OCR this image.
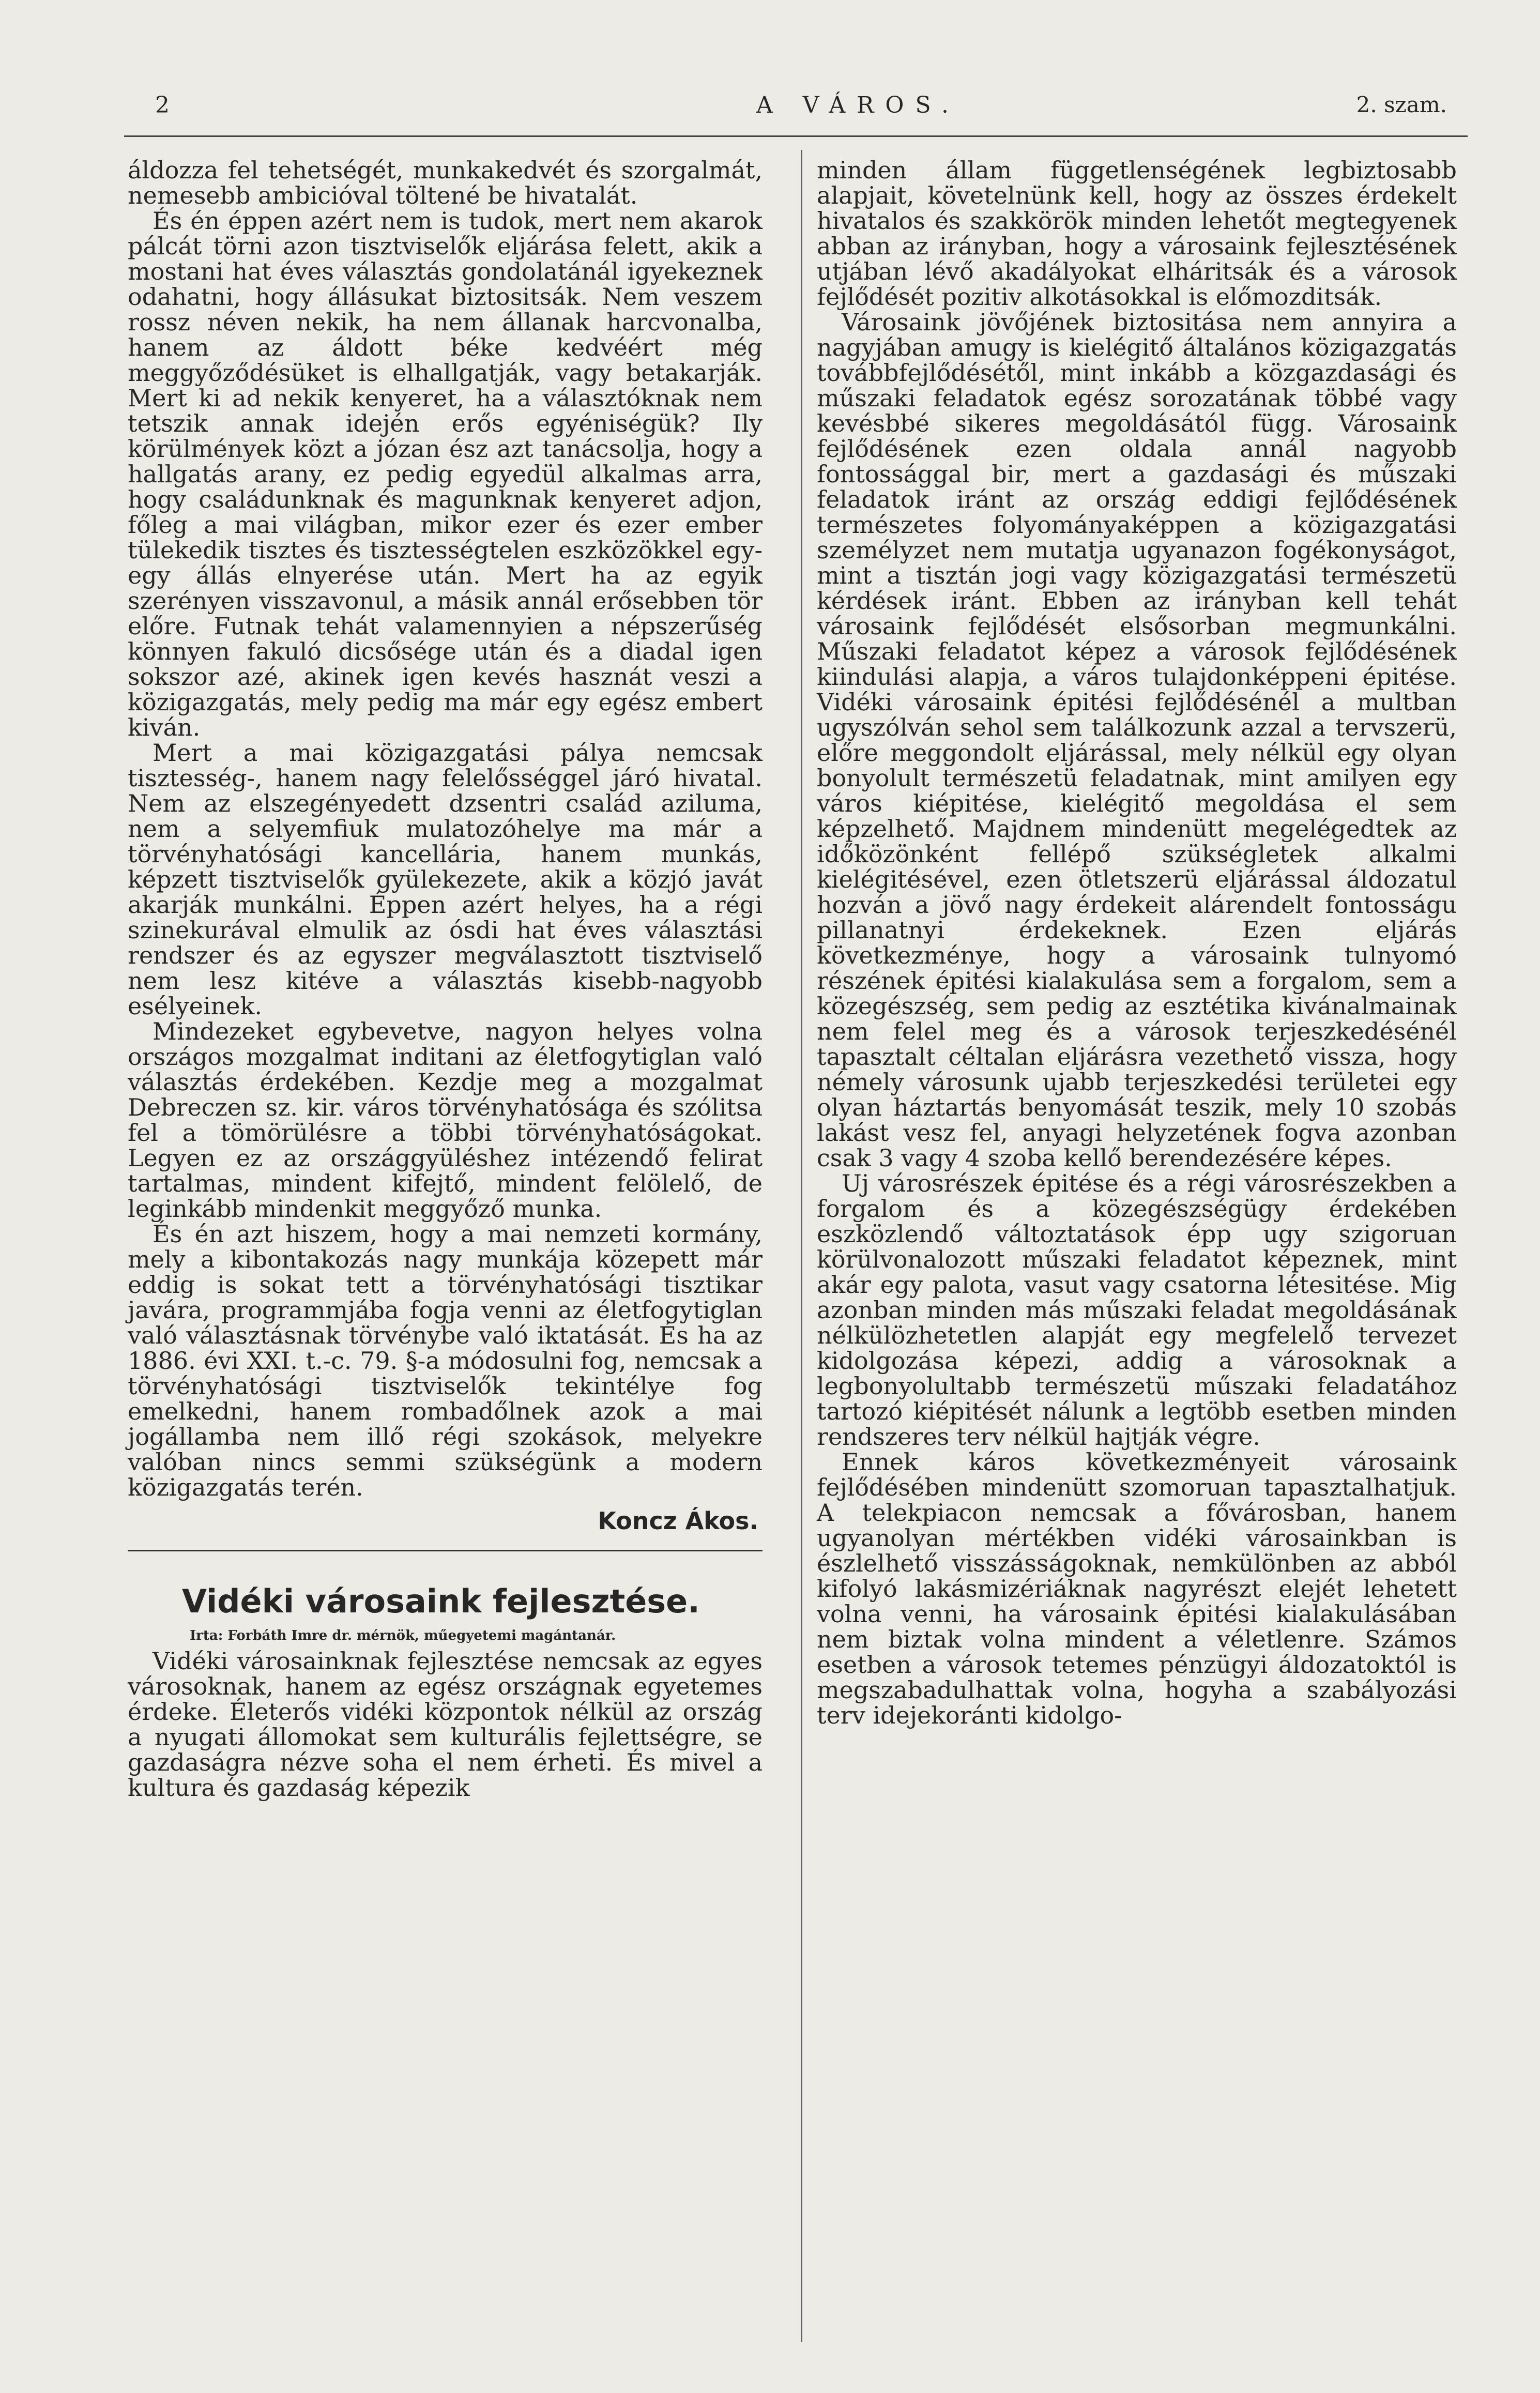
2	A VÁROS.	2. szam.

áldozza fel tehetségét, munkakedvét és szorgalmát, nemesebb ambicióval töltené be hivatalát.

És én éppen azért nem is tudok, mert nem akarok pálcát törni azon tisztviselők eljárása felett, akik a mostani hat éves választás gondolatánál igyekeznek odahatni, hogy állásukat biztositsák. Nem veszem rossz néven nekik, ha nem állanak harcvonalba, hanem az áldott béke kedvéért még meggyőződésüket is elhallgatják, vagy betakarják. Mert ki ad nekik kenyeret, ha a választóknak nem tetszik annak idején erős egyéniségük? Ily körülmények közt a józan ész azt tanácsolja, hogy a hallgatás arany, ez pedig egyedül alkalmas arra, hogy családunknak és magunknak kenyeret adjon, főleg a mai világban, mikor ezer és ezer ember tülekedik tisztes és tisztességtelen eszközökkel egy-egy állás elnyerése után. Mert ha az egyik szerényen visszavonul, a másik annál erősebben tör előre. Futnak tehát valamennyien a népszerűség könnyen fakuló dicsősége után és a diadal igen sokszor azé, akinek igen kevés hasznát veszi a közigazgatás, mely pedig ma már egy egész embert kiván.

Mert a mai közigazgatási pálya nemcsak tisztesség-, hanem nagy felelősséggel járó hivatal. Nem az elszegényedett dzsentri család aziluma, nem a selyemfiuk mulatozóhelye ma már a törvényhatósági kancellária, hanem munkás, képzett tisztviselők gyülekezete, akik a közjó javát akarják munkálni. Éppen azért helyes, ha a régi szinekurával elmulik az ósdi hat éves választási rendszer és az egyszer megválasztott tisztviselő nem lesz kitéve a választás kisebb-nagyobb esélyeinek.

Mindezeket egybevetve, nagyon helyes volna országos mozgalmat inditani az életfogytiglan való választás érdekében. Kezdje meg a mozgalmat Debreczen sz. kir. város törvényhatósága és szólitsa fel a tömörülésre a többi törvényhatóságokat. Legyen ez az országgyüléshez intézendő felirat tartalmas, mindent kifejtő, mindent felölelő, de leginkább mindenkit meggyőző munka.

És én azt hiszem, hogy a mai nemzeti kormány, mely a kibontakozás nagy munkája közepett már eddig is sokat tett a törvényhatósági tisztikar javára, programmjába fogja venni az életfogytiglan való választásnak törvénybe való iktatását. És ha az 1886. évi XXI. t.-c. 79. §-a módosulni fog, nemcsak a törvényhatósági tisztviselők tekintélye fog emelkedni, hanem rombadőlnek azok a mai jogállamba nem illő régi szokások, melyekre valóban nincs semmi szükségünk a modern közigazgatás terén.

Koncz Ákos.
Vidéki városaink fejlesztése.
Irta: Forbáth Imre dr. mérnök, műegyetemi magántanár.

Vidéki városainknak fejlesztése nemcsak az egyes városoknak, hanem az egész országnak egyetemes érdeke. Életerős vidéki központok nélkül az ország a nyugati állomokat sem kulturális fejlettségre, se gazdaságra nézve soha el nem érheti. És mivel a kultura és gazdaság képezik

minden állam függetlenségének legbiztosabb alapjait, követelnünk kell, hogy az összes érdekelt hivatalos és szakkörök minden lehetőt megtegyenek abban az irányban, hogy a városaink fejlesztésének utjában lévő akadályokat elháritsák és a városok fejlődését pozitiv alkotásokkal is előmozditsák.

Városaink jövőjének biztositása nem annyira a nagyjában amugy is kielégitő általános közigazgatás továbbfejlődésétől, mint inkább a közgazdasági és műszaki feladatok egész sorozatának többé vagy kevésbbé sikeres megoldásától függ. Városaink fejlődésének ezen oldala annál nagyobb fontossággal bir, mert a gazdasági és műszaki feladatok iránt az ország eddigi fejlődésének természetes folyományaképpen a közigazgatási személyzet nem mutatja ugyanazon fogékonyságot, mint a tisztán jogi vagy közigazgatási természetü kérdések iránt. Ebben az irányban kell tehát városaink fejlődését elsősorban megmunkálni. Műszaki feladatot képez a városok fejlődésének kiindulási alapja, a város tulajdonképpeni épitése. Vidéki városaink épitési fejlődésénél a multban ugyszólván sehol sem találkozunk azzal a tervszerü, előre meggondolt eljárással, mely nélkül egy olyan bonyolult természetü feladatnak, mint amilyen egy város kiépitése, kielégitő megoldása el sem képzelhető. Majdnem mindenütt megelégedtek az időközönként fellépő szükségletek alkalmi kielégitésével, ezen ötletszerü eljárással áldozatul hozván a jövő nagy érdekeit alárendelt fontosságu pillanatnyi érdekeknek. Ezen eljárás következménye, hogy a városaink tulnyomó részének épitési kialakulása sem a forgalom, sem a közegészség, sem pedig az esztétika kivánalmainak nem felel meg és a városok terjeszkedésénél tapasztalt céltalan eljárásra vezethető vissza, hogy némely városunk ujabb terjeszkedési területei egy olyan háztartás benyomását teszik, mely 10 szobás lakást vesz fel, anyagi helyzetének fogva azonban csak 3 vagy 4 szoba kellő berendezésére képes.

Uj városrészek épitése és a régi városrészekben a forgalom és a közegészségügy érdekében eszközlendő változtatások épp ugy szigoruan körülvonalozott műszaki feladatot képeznek, mint akár egy palota, vasut vagy csatorna létesitése. Mig azonban minden más műszaki feladat megoldásának nélkülözhetetlen alapját egy megfelelő tervezet kidolgozása képezi, addig a városoknak a legbonyolultabb természetü műszaki feladatához tartozó kiépitését nálunk a legtöbb esetben minden rendszeres terv nélkül hajtják végre.

Ennek káros következményeit városaink fejlődésében mindenütt szomoruan tapasztalhatjuk. A telekpiacon nemcsak a fővárosban, hanem ugyanolyan mértékben vidéki városainkban is észlelhető visszásságoknak, nemkülönben az abból kifolyó lakásmizériáknak nagyrészt elejét lehetett volna venni, ha városaink épitési kialakulásában nem biztak volna mindent a véletlenre. Számos esetben a városok tetemes pénzügyi áldozatoktól is megszabadulhattak volna, hogyha a szabályozási terv idejekoránti kidolgo-
